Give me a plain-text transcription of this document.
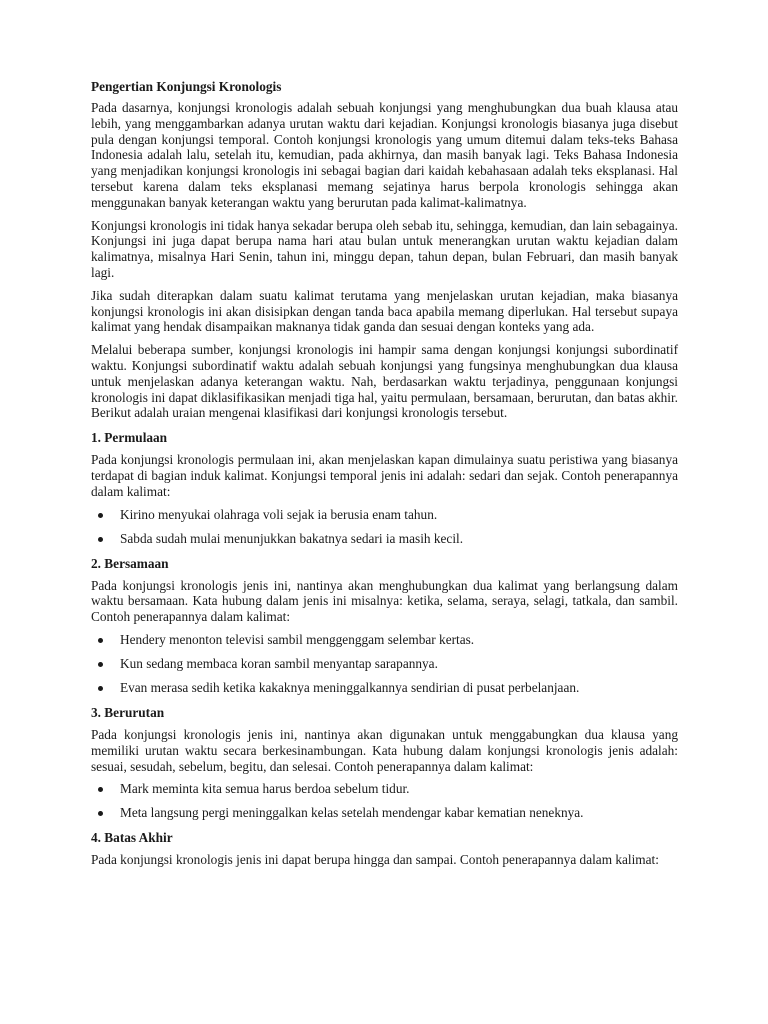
Pengertian Konjungsi Kronologis

Pada dasarnya, konjungsi kronologis adalah sebuah konjungsi yang menghubungkan dua buah klausa atau lebih, yang menggambarkan adanya urutan waktu dari kejadian. Konjungsi kronologis biasanya juga disebut pula dengan konjungsi temporal. Contoh konjungsi kronologis yang umum ditemui dalam teks-teks Bahasa Indonesia adalah lalu, setelah itu, kemudian, pada akhirnya, dan masih banyak lagi. Teks Bahasa Indonesia yang menjadikan konjungsi kronologis ini sebagai bagian dari kaidah kebahasaan adalah teks eksplanasi. Hal tersebut karena dalam teks eksplanasi memang sejatinya harus berpola kronologis sehingga akan menggunakan banyak keterangan waktu yang berurutan pada kalimat-kalimatnya.

Konjungsi kronologis ini tidak hanya sekadar berupa oleh sebab itu, sehingga, kemudian, dan lain sebagainya. Konjungsi ini juga dapat berupa nama hari atau bulan untuk menerangkan urutan waktu kejadian dalam kalimatnya, misalnya Hari Senin, tahun ini, minggu depan, tahun depan, bulan Februari, dan masih banyak lagi.

Jika sudah diterapkan dalam suatu kalimat terutama yang menjelaskan urutan kejadian, maka biasanya konjungsi kronologis ini akan disisipkan dengan tanda baca apabila memang diperlukan. Hal tersebut supaya kalimat yang hendak disampaikan maknanya tidak ganda dan sesuai dengan konteks yang ada.

Melalui beberapa sumber, konjungsi kronologis ini hampir sama dengan konjungsi konjungsi subordinatif waktu. Konjungsi subordinatif waktu adalah sebuah konjungsi yang fungsinya menghubungkan dua klausa untuk menjelaskan adanya keterangan waktu. Nah, berdasarkan waktu terjadinya, penggunaan konjungsi kronologis ini dapat diklasifikasikan menjadi tiga hal, yaitu permulaan, bersamaan, berurutan, dan batas akhir. Berikut adalah uraian mengenai klasifikasi dari konjungsi kronologis tersebut.

1. Permulaan

Pada konjungsi kronologis permulaan ini, akan menjelaskan kapan dimulainya suatu peristiwa yang biasanya terdapat di bagian induk kalimat. Konjungsi temporal jenis ini adalah: sedari dan sejak. Contoh penerapannya dalam kalimat:

Kirino menyukai olahraga voli sejak ia berusia enam tahun.
Sabda sudah mulai menunjukkan bakatnya sedari ia masih kecil.
2. Bersamaan

Pada konjungsi kronologis jenis ini, nantinya akan menghubungkan dua kalimat yang berlangsung dalam waktu bersamaan. Kata hubung dalam jenis ini misalnya: ketika, selama, seraya, selagi, tatkala, dan sambil. Contoh penerapannya dalam kalimat:

Hendery menonton televisi sambil menggenggam selembar kertas.
Kun sedang membaca koran sambil menyantap sarapannya.
Evan merasa sedih ketika kakaknya meninggalkannya sendirian di pusat perbelanjaan.
3. Berurutan

Pada konjungsi kronologis jenis ini, nantinya akan digunakan untuk menggabungkan dua klausa yang memiliki urutan waktu secara berkesinambungan. Kata hubung dalam konjungsi kronologis jenis adalah: sesuai, sesudah, sebelum, begitu, dan selesai. Contoh penerapannya dalam kalimat:

Mark meminta kita semua harus berdoa sebelum tidur.
Meta langsung pergi meninggalkan kelas setelah mendengar kabar kematian neneknya.
4. Batas Akhir

Pada konjungsi kronologis jenis ini dapat berupa hingga dan sampai. Contoh penerapannya dalam kalimat:
